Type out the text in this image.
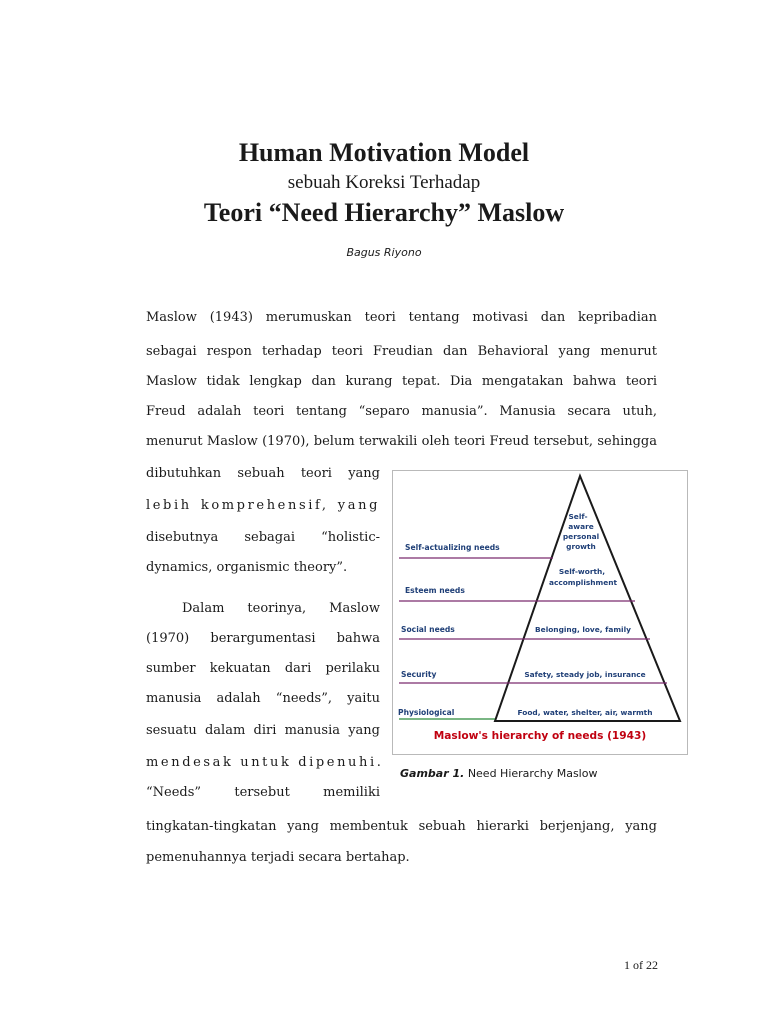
Human Motivation Model
sebuah Koreksi Terhadap
Teori “Need Hierarchy” Maslow
Bagus Riyono
Maslow (1943) merumuskan teori tentang motivasi dan kepribadian
sebagai respon terhadap teori Freudian dan Behavioral yang menurut
Maslow tidak lengkap dan kurang tepat. Dia mengatakan bahwa teori
Freud adalah teori tentang “separo manusia”. Manusia secara utuh,
menurut Maslow (1970), belum terwakili oleh teori Freud tersebut, sehingga
dibutuhkan sebuah teori yang
lebih komprehensif, yang
disebutnya sebagai “holistic-
dynamics, organismic theory”.
Dalam teorinya, Maslow
(1970) berargumentasi bahwa
sumber kekuatan dari perilaku
manusia adalah “needs”, yaitu
sesuatu dalam diri manusia yang
mendesak untuk dipenuhi.
“Needs” tersebut memiliki
tingkatan-tingkatan yang membentuk sebuah hierarki berjenjang, yang
pemenuhannya terjadi secara bertahap.
Self-actualizing needs
Esteem needs
Social needs
Security
Physiological
Self-
aware
personal
growth
Self-worth,
accomplishment
Belonging, love, family
Safety, steady job, insurance
Food, water, shelter, air, warmth
Maslow's hierarchy of needs (1943)
Gambar 1. Need Hierarchy Maslow
1 of 22
